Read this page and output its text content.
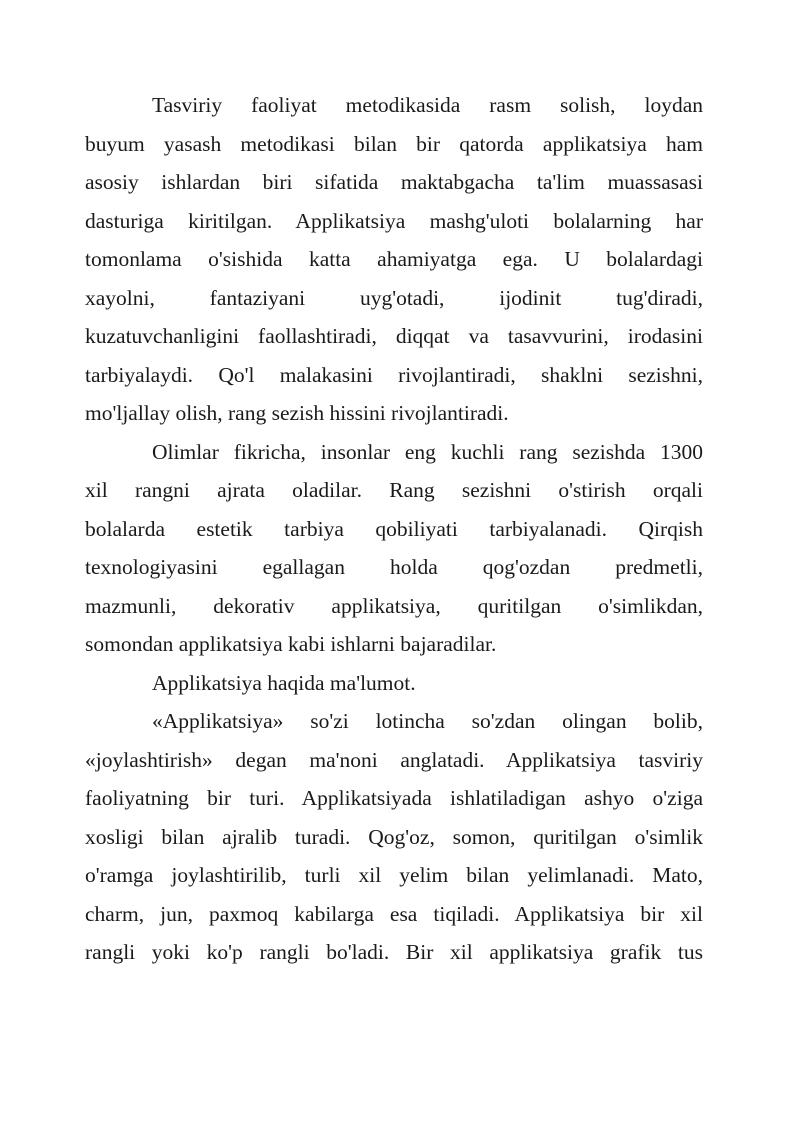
Tasviriy faoliyat metodikasida rasm solish, loydan
buyum yasash metodikasi bilan bir qatorda applikatsiya ham
asosiy ishlardan biri sifatida maktabgacha ta'lim muassasasi
dasturiga kiritilgan. Applikatsiya mashg'uloti bolalarning har
tomonlama o'sishida katta ahamiyatga ega. U bolalardagi
xayolni, fantaziyani uyg'otadi, ijodinit tug'diradi,
kuzatuvchanligini faollashtiradi, diqqat va tasavvurini, irodasini
tarbiyalaydi. Qo'l malakasini rivojlantiradi, shaklni sezishni,
mo'ljallay olish, rang sezish hissini rivojlantiradi.
Olimlar fikricha, insonlar eng kuchli rang sezishda 1300
xil rangni ajrata oladilar. Rang sezishni o'stirish orqali
bolalarda estetik tarbiya qobiliyati tarbiyalanadi. Qirqish
texnologiyasini egallagan holda qog'ozdan predmetli,
mazmunli, dekorativ applikatsiya, quritilgan o'simlikdan,
somondan applikatsiya kabi ishlarni bajaradilar.
Applikatsiya haqida ma'lumot.
«Applikatsiya» so'zi lotincha so'zdan olingan bolib,
«joylashtirish» degan ma'noni anglatadi. Applikatsiya tasviriy
faoliyatning bir turi. Applikatsiyada ishlatiladigan ashyo o'ziga
xosligi bilan ajralib turadi. Qog'oz, somon, quritilgan o'simlik
o'ramga joylashtirilib, turli xil yelim bilan yelimlanadi. Mato,
charm, jun, paxmoq kabilarga esa tiqiladi. Applikatsiya bir xil
rangli yoki ko'p rangli bo'ladi. Bir xil applikatsiya grafik tus
